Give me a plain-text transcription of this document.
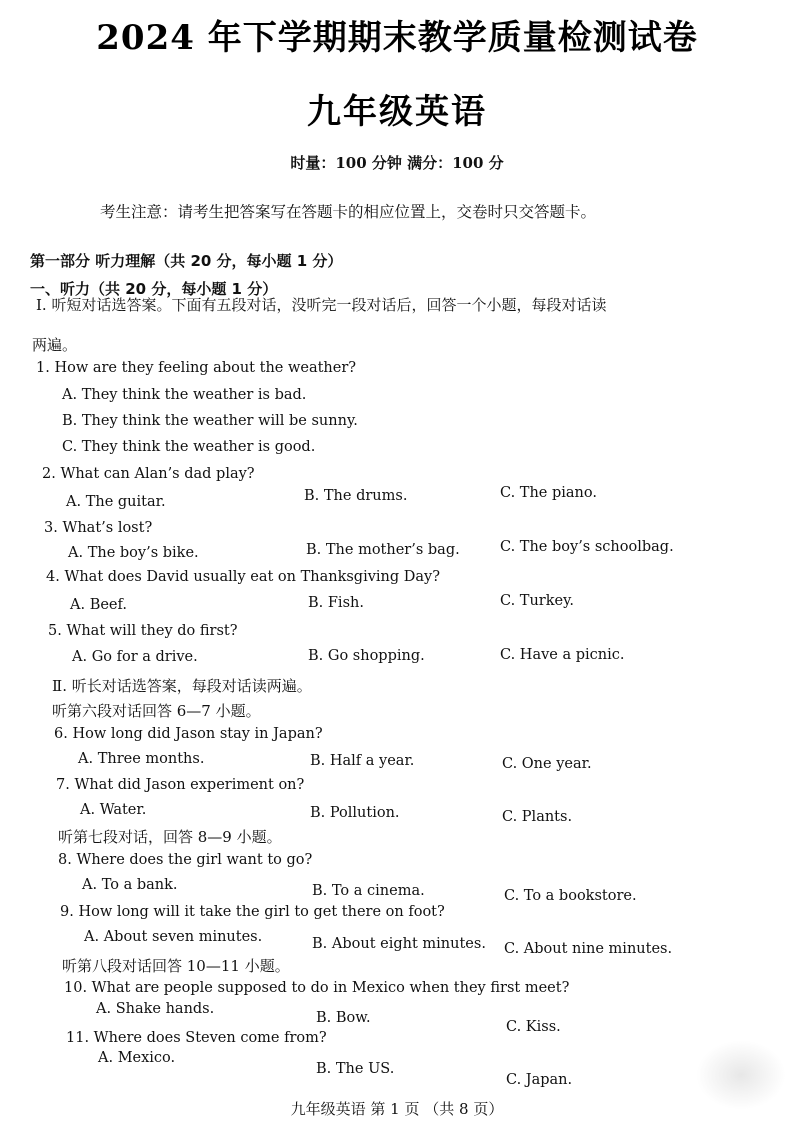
2024 年下学期期末教学质量检测试卷
九年级英语
时量：100 分钟 满分：100 分
考生注意：请考生把答案写在答题卡的相应位置上，交卷时只交答题卡。
第一部分 听力理解（共 20 分，每小题 1 分）
一、听力（共 20 分，每小题 1 分）
Ⅰ. 听短对话选答案。下面有五段对话，没听完一段对话后，回答一个小题，每段对话读
两遍。
1. How are they feeling about the weather?
A. They think the weather is bad.
B. They think the weather will be sunny.
C. They think the weather is good.
2. What can Alan’s dad play?
A. The guitar.	B. The drums.	C. The piano.
3. What’s lost?
A. The boy’s bike.	B. The mother’s bag.	C. The boy’s schoolbag.
4. What does David usually eat on Thanksgiving Day?
A. Beef.	B. Fish.	C. Turkey.
5. What will they do first?
A. Go for a drive.	B. Go shopping.	C. Have a picnic.
Ⅱ. 听长对话选答案，每段对话读两遍。
听第六段对话回答 6—7 小题。
6. How long did Jason stay in Japan?
A. Three months.	B. Half a year.	C. One year.
7. What did Jason experiment on?
A. Water.	B. Pollution.	C. Plants.
听第七段对话，回答 8—9 小题。
8. Where does the girl want to go?
A. To a bank.	B. To a cinema.	C. To a bookstore.
9. How long will it take the girl to get there on foot?
A. About seven minutes.	B. About eight minutes. C. About nine minutes.
听第八段对话回答 10—11 小题。
10. What are people supposed to do in Mexico when they first meet?
A. Shake hands.
B. Bow.
C. Kiss.
11. Where does Steven come from?
A. Mexico.
B. The US.
C. Japan.
九年级英语 第 1 页 （共 8 页）
